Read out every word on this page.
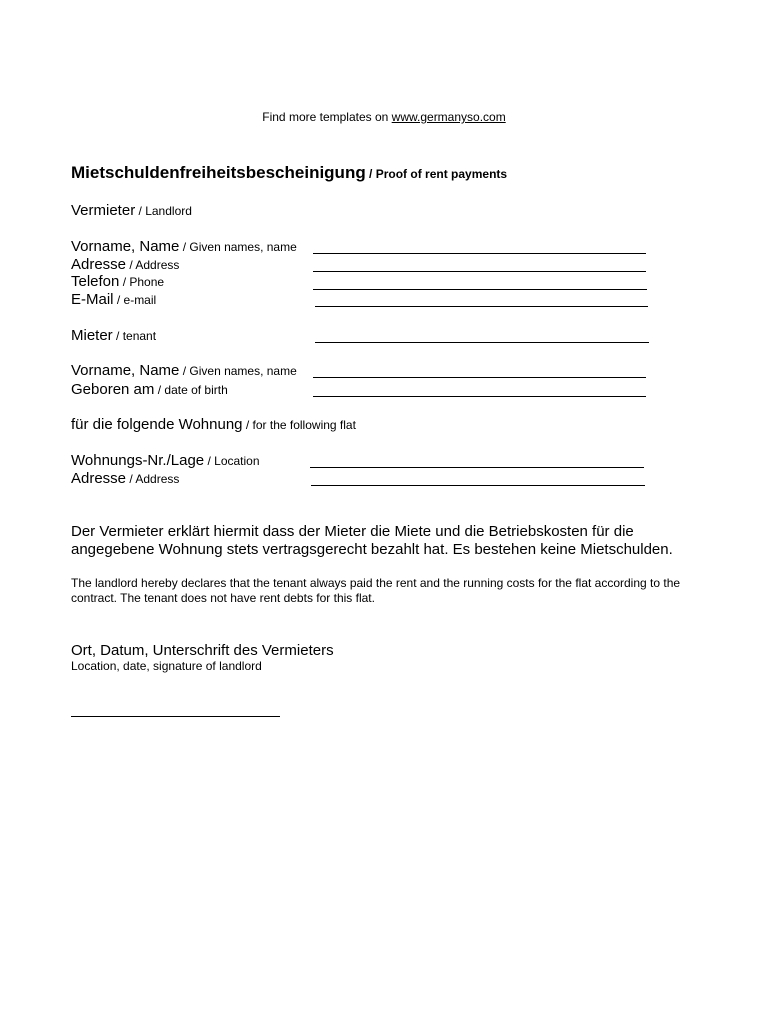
Find more templates on www.germanyso.com
Mietschuldenfreiheitsbescheinigung / Proof of rent payments
Vermieter / Landlord
Vorname, Name / Given names, name
Adresse / Address
Telefon / Phone
E-Mail / e-mail
Mieter / tenant
Vorname, Name / Given names, name
Geboren am / date of birth
für die folgende Wohnung / for the following flat
Wohnungs-Nr./Lage / Location
Adresse / Address
Der Vermieter erklärt hiermit dass der Mieter die Miete und die Betriebskosten für die angegebene Wohnung stets vertragsgerecht bezahlt hat. Es bestehen keine Mietschulden.
The landlord hereby declares that the tenant always paid the rent and the running costs for the flat according to the contract. The tenant does not have rent debts for this flat.
Ort, Datum, Unterschrift des Vermieters
Location, date, signature of landlord
